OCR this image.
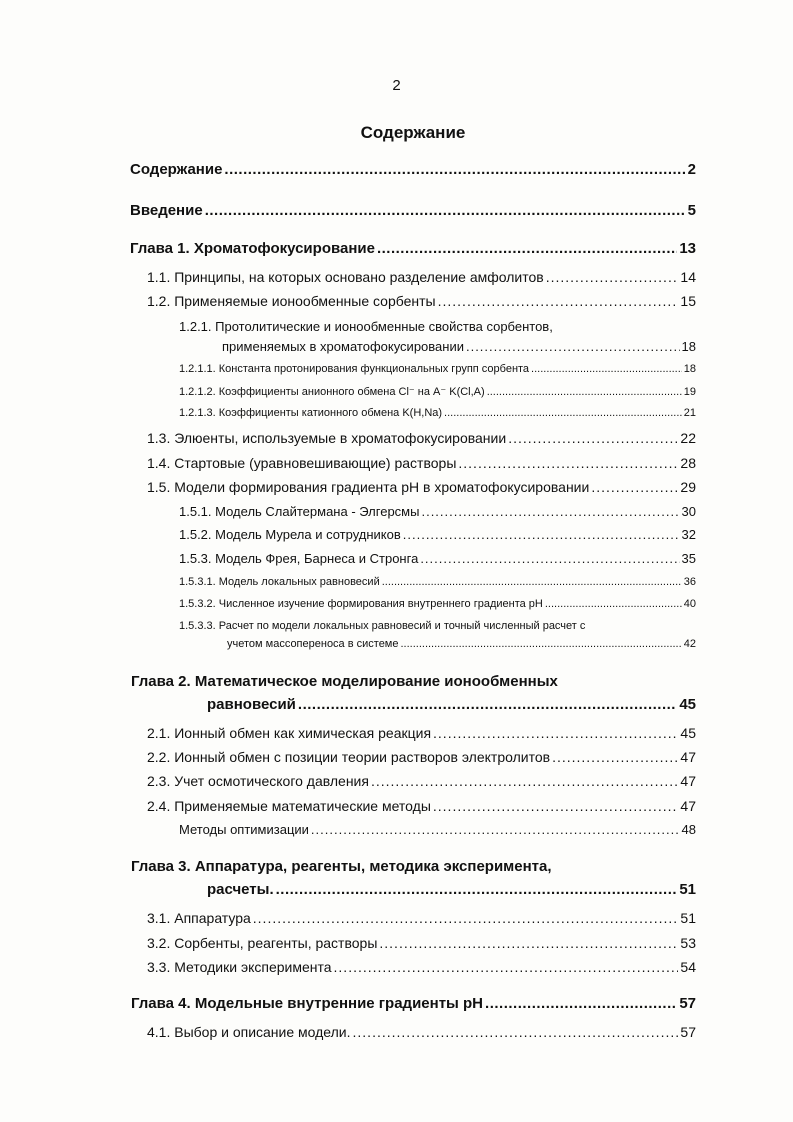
2
Содержание
Содержание .....	2
Введение .....	5
Глава 1. Хроматофокусирование .....	13
1.1. Принципы, на которых основано разделение амфолитов .....	14
1.2. Применяемые ионообменные сорбенты .....	15
1.2.1. Протолитические и ионообменные свойства сорбентов,
применяемых в хроматофокусировании .....	18
1.2.1.1. Константа протонирования функциональных групп сорбента .....	18
1.2.1.2. Коэффициенты анионного обмена Cl⁻ на A⁻ K(Cl,A) .....	19
1.2.1.3. Коэффициенты катионного обмена K(H,Na) .....	21
1.3. Элюенты, используемые в хроматофокусировании .....	22
1.4. Стартовые (уравновешивающие) растворы .....	28
1.5. Модели формирования градиента pH в хроматофокусировании .....	29
1.5.1. Модель Слайтермана - Элгерсмы .....	30
1.5.2. Модель Мурела и сотрудников .....	32
1.5.3. Модель Фрея, Барнеса и Стронга .....	35
1.5.3.1. Модель локальных равновесий .....	36
1.5.3.2. Численное изучение формирования внутреннего градиента pH .....	40
1.5.3.3. Расчет по модели локальных равновесий и точный численный расчет с
учетом массопереноса в системе .....	42
Глава 2. Математическое моделирование ионообменных
равновесий .....	45
2.1. Ионный обмен как химическая реакция .....	45
2.2. Ионный обмен с позиции теории растворов электролитов .....	47
2.3. Учет осмотического давления .....	47
2.4. Применяемые математические методы .....	47
Методы оптимизации .....	48
Глава 3. Аппаратура, реагенты, методика эксперимента,
расчеты. .....	51
3.1. Аппаратура .....	51
3.2. Сорбенты, реагенты, растворы .....	53
3.3. Методики эксперимента .....	54
Глава 4. Модельные внутренние градиенты pH .....	57
4.1. Выбор и описание модели. .....	57
